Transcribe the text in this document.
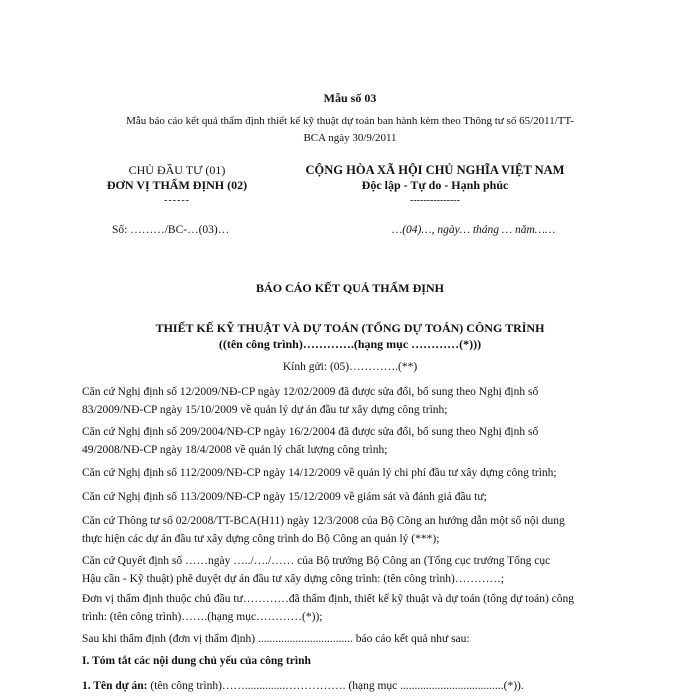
Mẫu số 03
Mẫu báo cáo kết quả thẩm định thiết kế kỹ thuật dự toán ban hành kèm theo Thông tư số 65/2011/TT-
BCA ngày 30/9/2011
CHỦ ĐẦU TƯ (01)
ĐƠN VỊ THẨM ĐỊNH (02)
------
CỘNG HÒA XÃ HỘI CHỦ NGHĨA VIỆT NAM
Độc lập - Tự do - Hạnh phúc
---------------
Số: ………/BC-…(03)…	…(04)…, ngày… tháng … năm……
BÁO CÁO KẾT QUẢ THẨM ĐỊNH
THIẾT KẾ KỸ THUẬT VÀ DỰ TOÁN (TỔNG DỰ TOÁN) CÔNG TRÌNH
((tên công trình)………….(hạng mục …………(*)))
Kính gửi: (05)………….(**)
Căn cứ Nghị định số 12/2009/NĐ-CP ngày 12/02/2009 đã được sửa đổi, bổ sung theo Nghị định số
83/2009/NĐ-CP ngày 15/10/2009 về quản lý dự án đầu tư xây dựng công trình;
Căn cứ Nghị định số 209/2004/NĐ-CP ngày 16/2/2004 đã được sửa đổi, bổ sung theo Nghị định số
49/2008/NĐ-CP ngày 18/4/2008 về quản lý chất lượng công trình;
Căn cứ Nghị định số 112/2009/NĐ-CP ngày 14/12/2009 về quản lý chi phí đầu tư xây dựng công trình;
Căn cứ Nghị định số 113/2009/NĐ-CP ngày 15/12/2009 về giám sát và đánh giá đầu tư;
Căn cứ Thông tư số 02/2008/TT-BCA(H11) ngày 12/3/2008 của Bộ Công an hướng dẫn một số nội dung
thực hiện các dự án đầu tư xây dựng công trình do Bộ Công an quản lý (***);
Căn cứ Quyết định số ……ngày …../…./…… của Bộ trưởng Bộ Công an (Tổng cục trưởng Tổng cục
Hậu cần - Kỹ thuật) phê duyệt dự án đầu tư xây dựng công trình: (tên công trình)…………;
Đơn vị thẩm định thuộc chủ đầu tư…………đã thẩm định, thiết kế kỹ thuật và dự toán (tổng dự toán) công
trình: (tên công trình)…….(hạng mục…………(*));
Sau khi thẩm định (đơn vị thẩm định) ................................. báo cáo kết quả như sau:
I. Tóm tắt các nội dung chủ yếu của công trình
1. Tên dự án: (tên công trình)……..............……………. (hạng mục ....................................(*)).
